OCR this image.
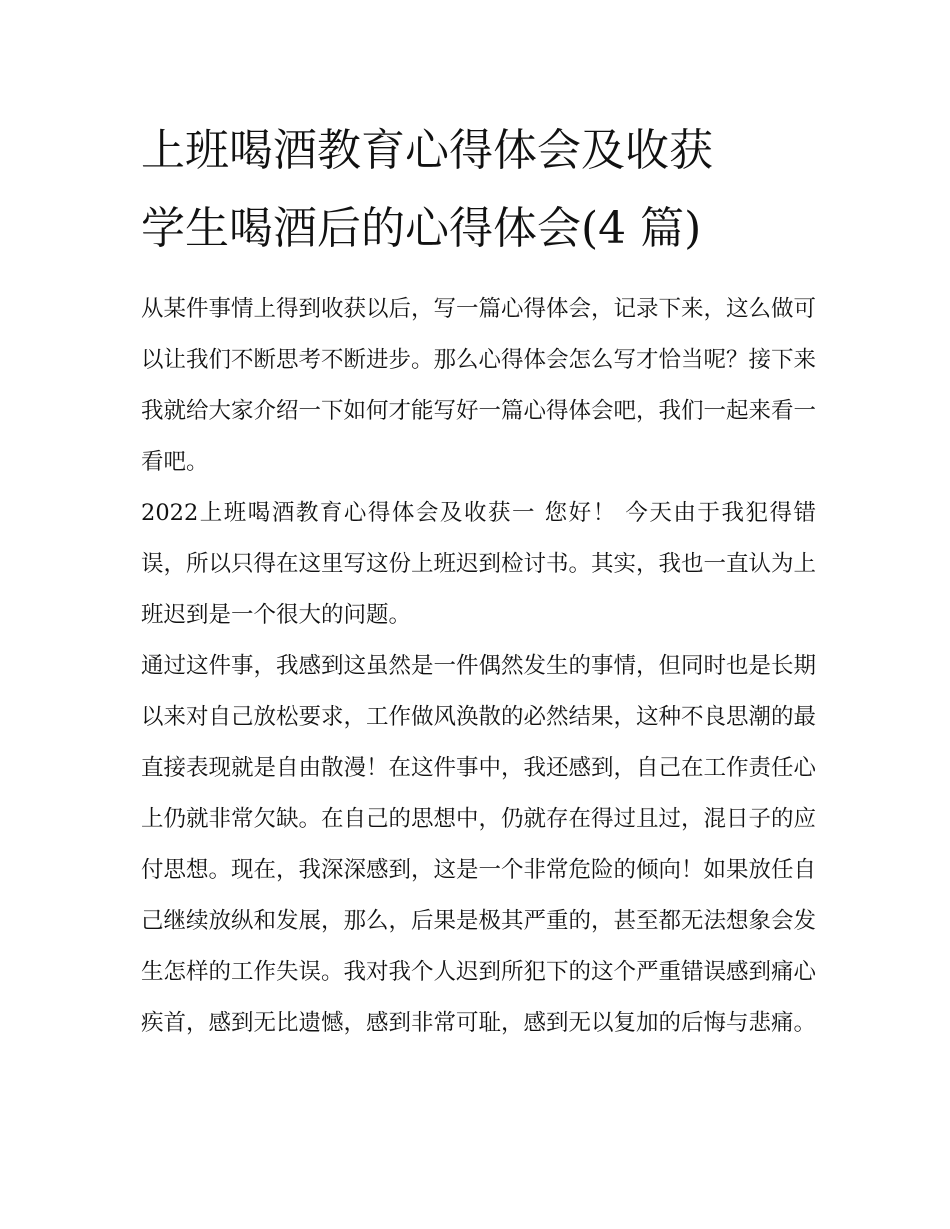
上班喝酒教育心得体会及收获
学生喝酒后的心得体会(4 篇)

从某件事情上得到收获以后，写一篇心得体会，记录下来，这么做可以让我们不断思考不断进步。那么心得体会怎么写才恰当呢？接下来我就给大家介绍一下如何才能写好一篇心得体会吧，我们一起来看一看吧。

2022上班喝酒教育心得体会及收获一 您好！ 今天由于我犯得错误，所以只得在这里写这份上班迟到检讨书。其实，我也一直认为上班迟到是一个很大的问题。

通过这件事，我感到这虽然是一件偶然发生的事情，但同时也是长期以来对自己放松要求，工作做风涣散的必然结果，这种不良思潮的最直接表现就是自由散漫！在这件事中，我还感到，自己在工作责任心上仍就非常欠缺。在自己的思想中，仍就存在得过且过，混日子的应付思想。现在，我深深感到，这是一个非常危险的倾向！如果放任自己继续放纵和发展，那么，后果是极其严重的，甚至都无法想象会发生怎样的工作失误。我对我个人迟到所犯下的这个严重错误感到痛心疾首，感到无比遗憾，感到非常可耻，感到无以复加的后悔与悲痛。
